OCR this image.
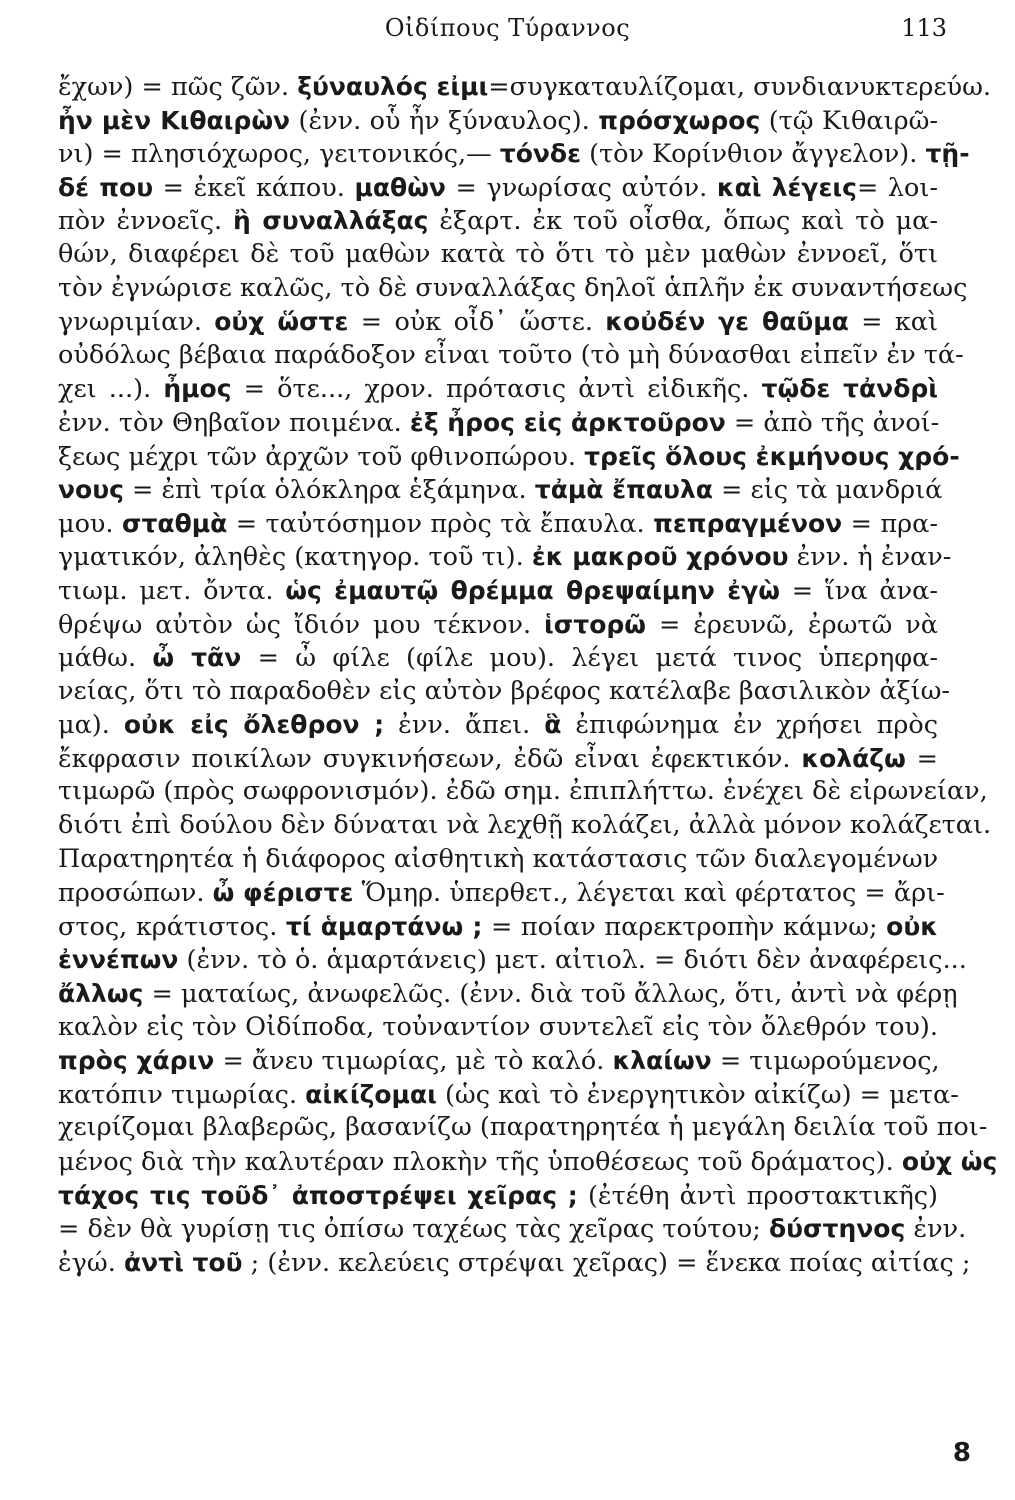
Οἰδίπους Τύραννος	113
ἔχων) = πῶς ζῶν. ξύναυλός εἰμι=συγκαταυλίζομαι, συνδιανυκτερεύω.
ἦν μὲν Κιθαιρὼν (ἐνν. οὗ ἦν ξύναυλος). πρόσχωρος (τῷ Κιθαιρῶ-
νι) = πλησιόχωρος, γειτονικός,— τόνδε (τὸν Κορίνθιον ἄγγελον). τῇ-
δέ που = ἐκεῖ κάπου. μαθὼν = γνωρίσας αὐτόν. καὶ λέγεις= λοι-
πὸν ἐννοεῖς. ἢ συναλλάξας ἐξαρτ. ἐκ τοῦ οἶσθα, ὅπως καὶ τὸ μα-
θών, διαφέρει δὲ τοῦ μαθὼν κατὰ τὸ ὅτι τὸ μὲν μαθὼν ἐννοεῖ, ὅτι
τὸν ἐγνώρισε καλῶς, τὸ δὲ συναλλάξας δηλοῖ ἁπλῆν ἐκ συναντήσεως
γνωριμίαν. οὐχ ὥστε = οὐκ οἶδ᾽ ὥστε. κοὐδέν γε θαῦμα = καὶ
οὐδόλως βέβαια παράδοξον εἶναι τοῦτο (τὸ μὴ δύνασθαι εἰπεῖν ἐν τά-
χει ...). ἦμος = ὅτε..., χρον. πρότασις ἀντὶ εἰδικῆς. τῷδε τἀνδρὶ
ἐνν. τὸν Θηβαῖον ποιμένα. ἐξ ἦρος εἰς ἀρκτοῦρον = ἀπὸ τῆς ἀνοί-
ξεως μέχρι τῶν ἀρχῶν τοῦ φθινοπώρου. τρεῖς ὅλους ἐκμήνους χρό-
νους = ἐπὶ τρία ὁλόκληρα ἑξάμηνα. τἀμὰ ἔπαυλα = εἰς τὰ μανδριά
μου. σταθμὰ = ταὐτόσημον πρὸς τὰ ἔπαυλα. πεπραγμένον = πρα-
γματικόν, ἀληθὲς (κατηγορ. τοῦ τι). ἐκ μακροῦ χρόνου ἐνν. ἡ ἐναν-
τιωμ. μετ. ὄντα. ὡς ἐμαυτῷ θρέμμα θρεψαίμην ἐγὼ = ἵνα ἀνα-
θρέψω αὐτὸν ὡς ἴδιόν μου τέκνον. ἱστορῶ = ἐρευνῶ, ἐρωτῶ νὰ
μάθω. ὦ τᾶν = ὦ φίλε (φίλε μου). λέγει μετά τινος ὑπερηφα-
νείας, ὅτι τὸ παραδοθὲν εἰς αὐτὸν βρέφος κατέλαβε βασιλικὸν ἀξίω-
μα). οὐκ εἰς ὄλεθρον ; ἐνν. ἄπει. ἃ ἐπιφώνημα ἐν χρήσει πρὸς
ἔκφρασιν ποικίλων συγκινήσεων, ἐδῶ εἶναι ἐφεκτικόν. κολάζω =
τιμωρῶ (πρὸς σωφρονισμόν). ἐδῶ σημ. ἐπιπλήττω. ἐνέχει δὲ εἰρωνείαν,
διότι ἐπὶ δούλου δὲν δύναται νὰ λεχθῇ κολάζει, ἀλλὰ μόνον κολάζεται.
Παρατηρητέα ἡ διάφορος αἰσθητικὴ κατάστασις τῶν διαλεγομένων
προσώπων. ὦ φέριστε Ὅμηρ. ὑπερθετ., λέγεται καὶ φέρτατος = ἄρι-
στος, κράτιστος. τί ἁμαρτάνω ; = ποίαν παρεκτροπὴν κάμνω; οὐκ
ἐννέπων (ἐνν. τὸ ὁ. ἁμαρτάνεις) μετ. αἰτιολ. = διότι δὲν ἀναφέρεις...
ἄλλως = ματαίως, ἀνωφελῶς. (ἐνν. διὰ τοῦ ἄλλως, ὅτι, ἀντὶ νὰ φέρῃ
καλὸν εἰς τὸν Οἰδίποδα, τοὐναντίον συντελεῖ εἰς τὸν ὄλεθρόν του).
πρὸς χάριν = ἄνευ τιμωρίας, μὲ τὸ καλό. κλαίων = τιμωρούμενος,
κατόπιν τιμωρίας. αἰκίζομαι (ὡς καὶ τὸ ἐνεργητικὸν αἰκίζω) = μετα-
χειρίζομαι βλαβερῶς, βασανίζω (παρατηρητέα ἡ μεγάλη δειλία τοῦ ποι-
μένος διὰ τὴν καλυτέραν πλοκὴν τῆς ὑποθέσεως τοῦ δράματος). οὐχ ὡς
τάχος τις τοῦδ᾽ ἀποστρέψει χεῖρας ; (ἐτέθη ἀντὶ προστακτικῆς)
= δὲν θὰ γυρίσῃ τις ὀπίσω ταχέως τὰς χεῖρας τούτου; δύστηνος ἐνν.
ἐγώ. ἀντὶ τοῦ ; (ἐνν. κελεύεις στρέψαι χεῖρας) = ἕνεκα ποίας αἰτίας ;
8
